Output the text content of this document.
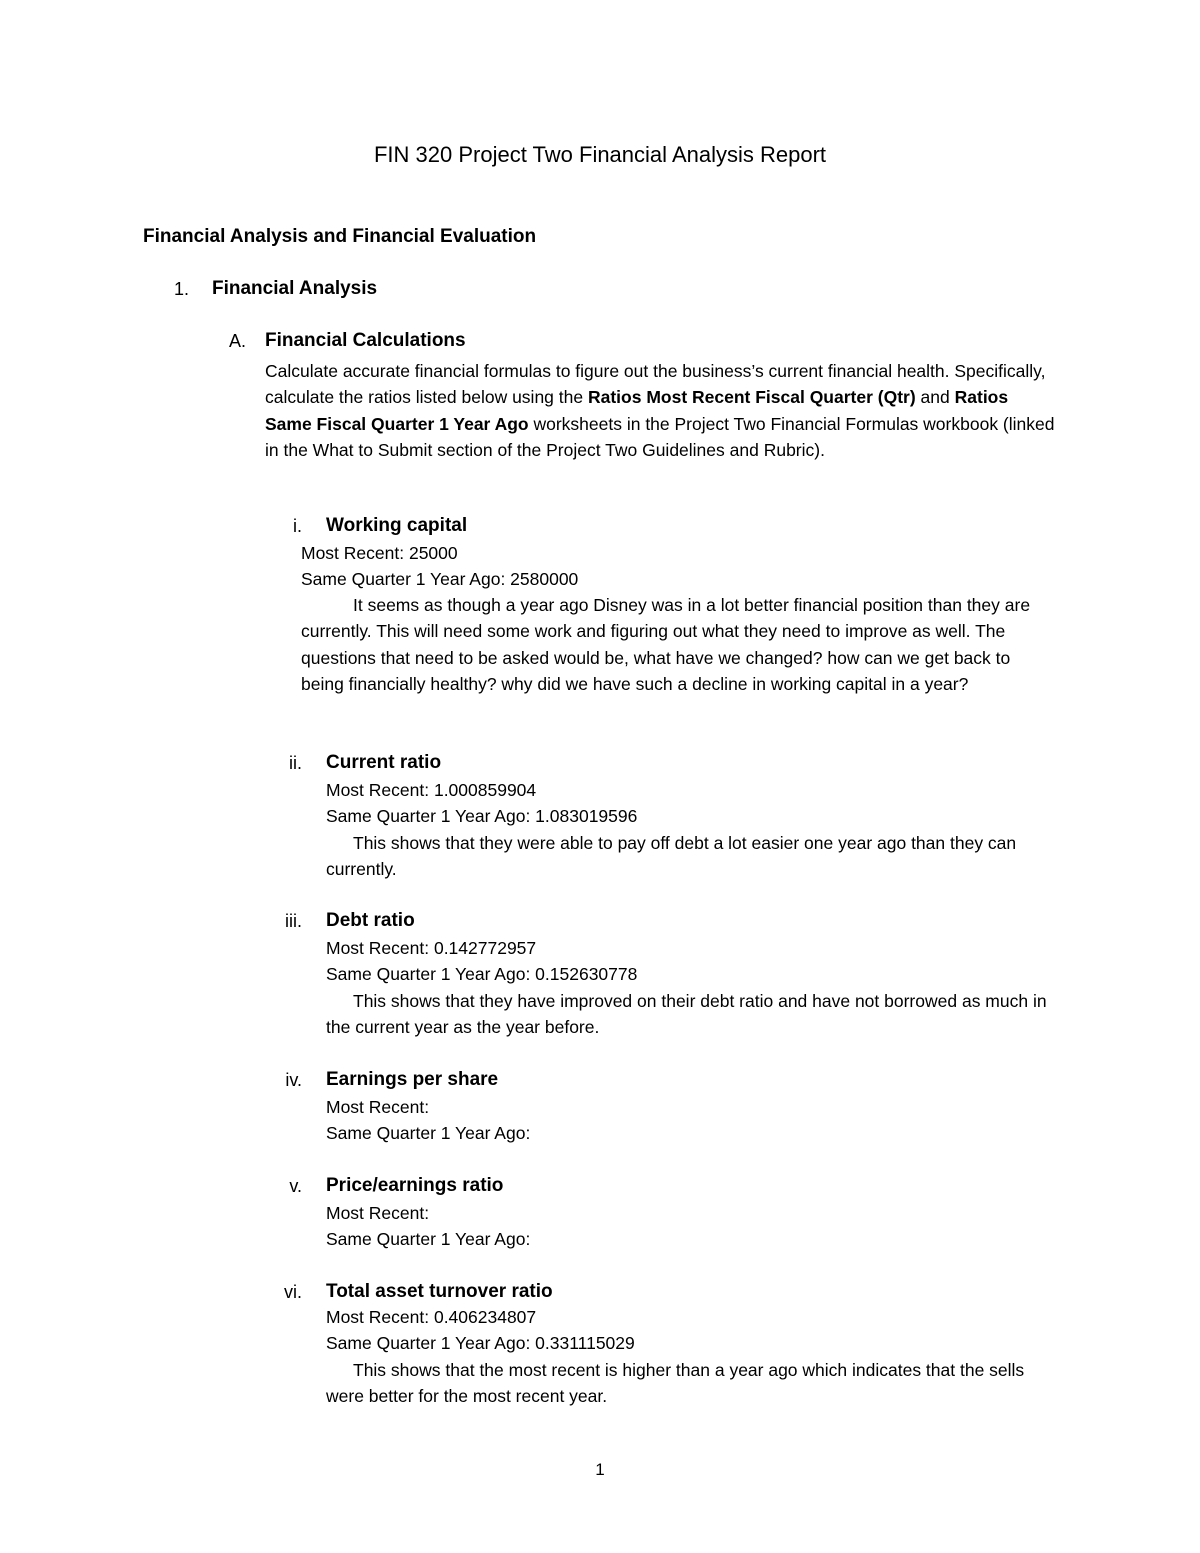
FIN 320 Project Two Financial Analysis Report
Financial Analysis and Financial Evaluation
1. Financial Analysis
A. Financial Calculations
Calculate accurate financial formulas to figure out the business’s current financial health. Specifically, calculate the ratios listed below using the Ratios Most Recent Fiscal Quarter (Qtr) and Ratios Same Fiscal Quarter 1 Year Ago worksheets in the Project Two Financial Formulas workbook (linked in the What to Submit section of the Project Two Guidelines and Rubric).
i. Working capital
Most Recent: 25000
Same Quarter 1 Year Ago: 2580000
It seems as though a year ago Disney was in a lot better financial position than they are currently. This will need some work and figuring out what they need to improve as well. The questions that need to be asked would be, what have we changed? how can we get back to being financially healthy? why did we have such a decline in working capital in a year?
ii. Current ratio
Most Recent: 1.000859904
Same Quarter 1 Year Ago: 1.083019596
This shows that they were able to pay off debt a lot easier one year ago than they can currently.
iii. Debt ratio
Most Recent: 0.142772957
Same Quarter 1 Year Ago: 0.152630778
This shows that they have improved on their debt ratio and have not borrowed as much in the current year as the year before.
iv. Earnings per share
Most Recent:
Same Quarter 1 Year Ago:
v. Price/earnings ratio
Most Recent:
Same Quarter 1 Year Ago:
vi. Total asset turnover ratio
Most Recent: 0.406234807
Same Quarter 1 Year Ago: 0.331115029
This shows that the most recent is higher than a year ago which indicates that the sells were better for the most recent year.
1
